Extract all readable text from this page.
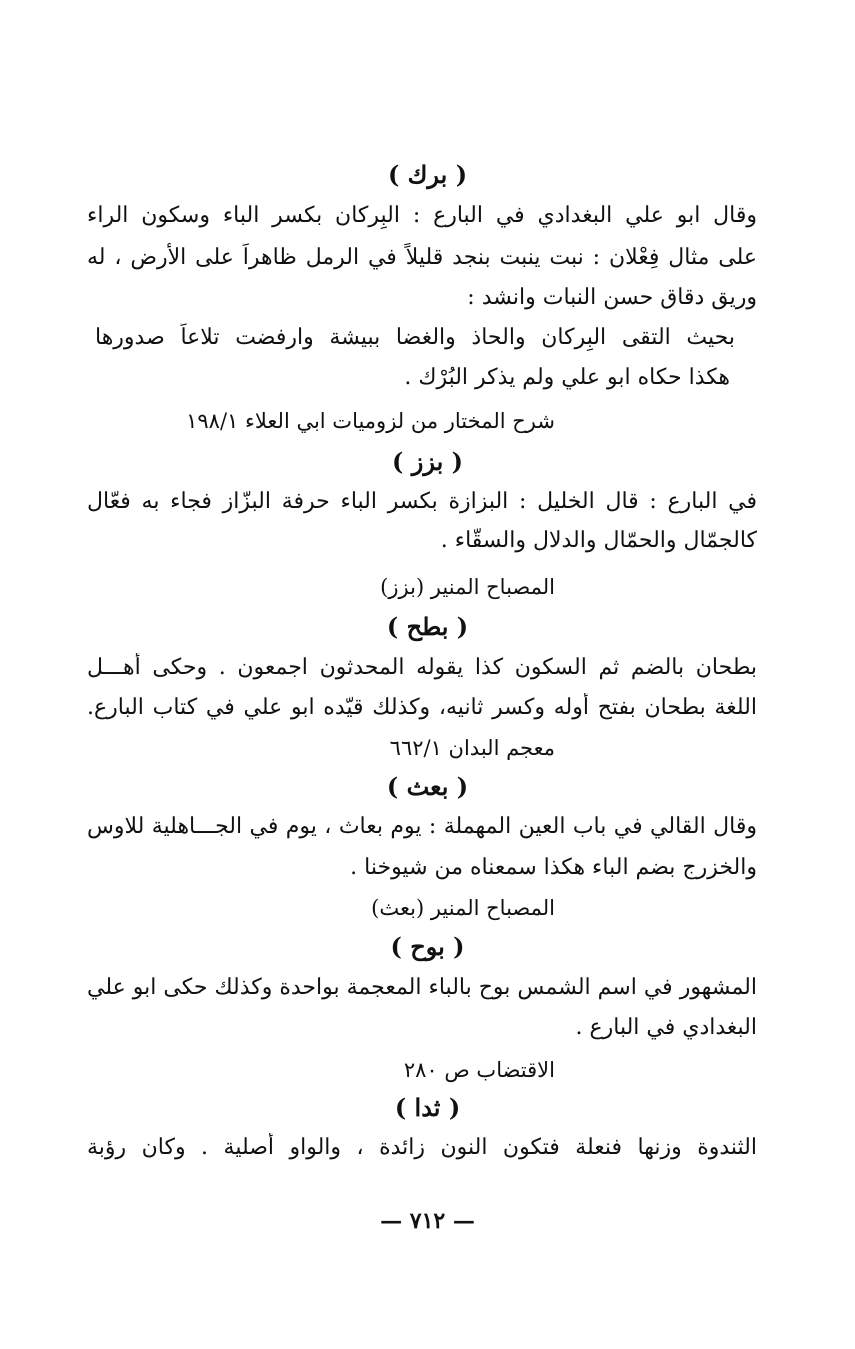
( برك )
وقال ابو علي البغدادي في البارع : البِركان بكسر الباء وسكون الراء
على مثال فِعْلان : نبت ينبت بنجد قليلاً في الرمل ظاهراً على الأرض ، له
وريق دقاق حسن النبات وانشد :
بحيث التقى البِركان والحاذ والغضا ببيشة وارفضت تلاعاً صدورها
هكذا حكاه ابو علي ولم يذكر البُرْك .
شرح المختار من لزوميات ابي العلاء ١٩٨/١
( بزز )
في البارع : قال الخليل : البزازة بكسر الباء حرفة البزّاز فجاء به فعّال
كالجمّال والحمّال والدلال والسقّاء .
المصباح المنير (بزز)
( بطح )
بطحان بالضم ثم السكون كذا يقوله المحدثون اجمعون . وحكى أهـــل
اللغة بطحان بفتح أوله وكسر ثانيه، وكذلك قيّده ابو علي في كتاب البارع.
معجم البدان ٦٦٢/١
( بعث )
وقال القالي في باب العين المهملة : يوم بعاث ، يوم في الجـــاهلية للاوس
والخزرج بضم الباء هكذا سمعناه من شيوخنا .
المصباح المنير (بعث)
( بوح )
المشهور في اسم الشمس بوح بالباء المعجمة بواحدة وكذلك حكى ابو علي
البغدادي في البارع .
الاقتضاب ص ٢٨٠
( ثدا )
الثندوة وزنها فنعلة فتكون النون زائدة ، والواو أصلية . وكان رؤبة
— ٧١٢ —
